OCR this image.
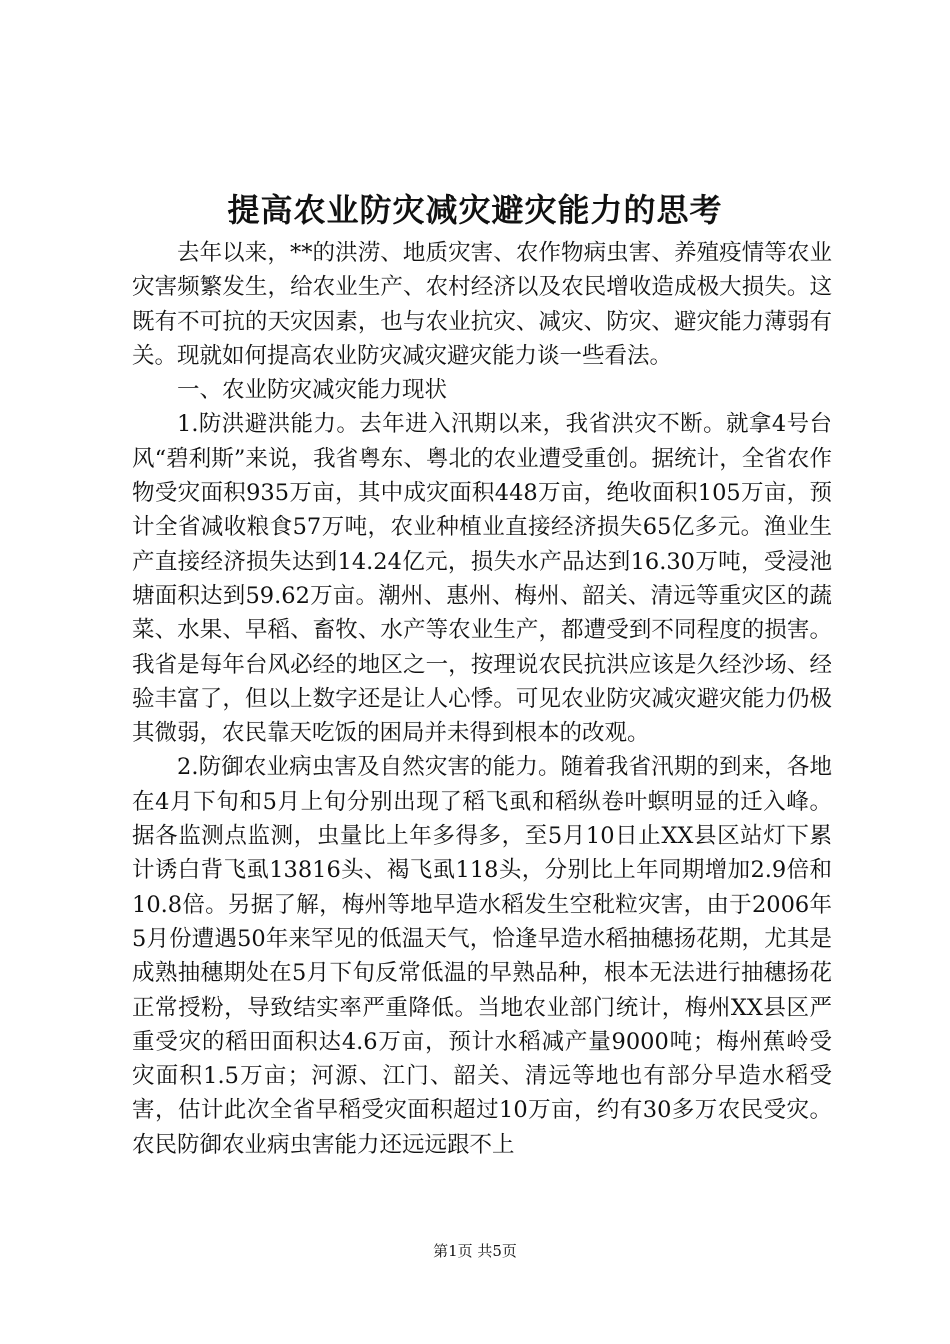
提高农业防灾减灾避灾能力的思考

去年以来，**的洪涝、地质灾害、农作物病虫害、养殖疫情等农业灾害频繁发生，给农业生产、农村经济以及农民增收造成极大损失。这既有不可抗的天灾因素，也与农业抗灾、减灾、防灾、避灾能力薄弱有关。现就如何提高农业防灾减灾避灾能力谈一些看法。

一、农业防灾减灾能力现状

1.防洪避洪能力。去年进入汛期以来，我省洪灾不断。就拿4号台风“碧利斯”来说，我省粤东、粤北的农业遭受重创。据统计，全省农作物受灾面积935万亩，其中成灾面积448万亩，绝收面积105万亩，预计全省减收粮食57万吨，农业种植业直接经济损失65亿多元。渔业生产直接经济损失达到14.24亿元，损失水产品达到16.30万吨，受浸池塘面积达到59.62万亩。潮州、惠州、梅州、韶关、清远等重灾区的蔬菜、水果、早稻、畜牧、水产等农业生产，都遭受到不同程度的损害。我省是每年台风必经的地区之一，按理说农民抗洪应该是久经沙场、经验丰富了，但以上数字还是让人心悸。可见农业防灾减灾避灾能力仍极其微弱，农民靠天吃饭的困局并未得到根本的改观。

2.防御农业病虫害及自然灾害的能力。随着我省汛期的到来，各地在4月下旬和5月上旬分别出现了稻飞虱和稻纵卷叶螟明显的迁入峰。据各监测点监测，虫量比上年多得多，至5月10日止XX县区站灯下累计诱白背飞虱13816头、褐飞虱118头，分别比上年同期增加2.9倍和10.8倍。另据了解，梅州等地早造水稻发生空秕粒灾害，由于2006年5月份遭遇50年来罕见的低温天气，恰逢早造水稻抽穗扬花期，尤其是成熟抽穗期处在5月下旬反常低温的早熟品种，根本无法进行抽穗扬花正常授粉，导致结实率严重降低。当地农业部门统计，梅州XX县区严重受灾的稻田面积达4.6万亩，预计水稻减产量9000吨；梅州蕉岭受灾面积1.5万亩；河源、江门、韶关、清远等地也有部分早造水稻受害，估计此次全省早稻受灾面积超过10万亩，约有30多万农民受灾。农民防御农业病虫害能力还远远跟不上

第1页 共5页
